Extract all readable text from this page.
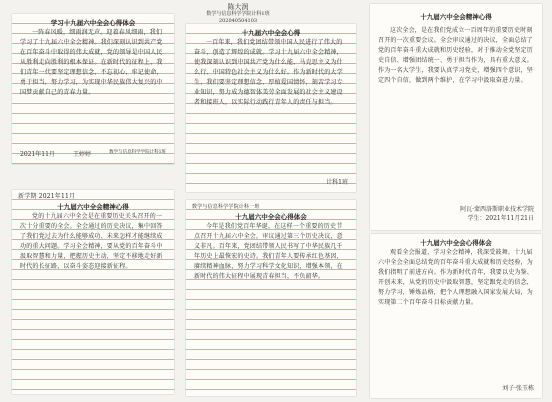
陈大润
数学与信息科学学院计科1班
202040504103
学习十九届六中全会心得体会

一阵春风暖，细雨润无声。迎着春风细雨，我们学习了十九届六中全会精神。我们深刻认识到共产党在百年奋斗中取得的伟大成就，党的领导是中国人民从胜利走向胜利的根本保证。在新时代的征程上，我们青年一代要坚定理想信念，不忘初心，牢记使命，勇于担当，努力学习，为实现中华民族伟大复兴的中国梦贡献自己的青春力量。

2021年11月	王婷婷	数学与信息科学学院计科1班
十九届六中全会心得

一百年来，我们党团结带领中国人民进行了伟大的奋斗，创造了辉煌的成就。学习十九届六中全会精神，使我深刻认识到中国共产党为什么能、马克思主义为什么行、中国特色社会主义为什么好。作为新时代的大学生，我们要坚定理想信念，厚植爱国情怀，刻苦学习专业知识，努力成为德智体美劳全面发展的社会主义建设者和接班人，以实际行动践行青年人的责任与担当。

计科1班
十九届六中全会精神心得

这次全会，是在我们党成立一百周年的重要历史时刻召开的一次重要会议。全会审议通过的决议，全面总结了党的百年奋斗重大成就和历史经验，对于推动全党坚定历史自信、增强团结统一、勇于担当作为，具有重大意义。作为一名大学生，我要认真学习党史，增强四个意识，坚定四个自信，做到两个维护，在学习中汲取奋进力量。

阿瓦·蒙西洛斯职业技术学院
学生：2021年11月21日
新学期 2021年11月
十九届六中全会精神心得

党的十九届六中全会是在重要历史关头召开的一次十分重要的全会。全会通过的历史决议，集中回答了我们党过去为什么能够成功、未来怎样才能继续成功的重大问题。学习全会精神，要从党的百年奋斗中汲取智慧和力量，把握历史主动，坚定不移地走好新时代的长征路，以奋斗姿态迎接新征程。

数学与信息科学学院计科一班
十九届六中全会心得体会

今年是我们党百年华诞，在这样一个重要的历史节点召开十九届六中全会，审议通过第三个历史决议，意义非凡。百年来，党团结带领人民书写了中华民族几千年历史上最恢宏的史诗。我们青年人要传承红色基因，赓续精神血脉，努力学习科学文化知识，增强本领，在新时代的伟大征程中展现青春担当，不负韶华。

十九届六中全会心得体会

观看全会报道，学习全会精神，我深受鼓舞。十九届六中全会全面总结党的百年奋斗重大成就和历史经验，为我们指明了前进方向。作为新时代青年，我要以史为鉴、开创未来，从党的历史中汲取智慧，坚定跟党走的信念，努力学习，锤炼品格，把个人理想融入国家发展大局，为实现第二个百年奋斗目标贡献力量。

刘子·张玉栋
